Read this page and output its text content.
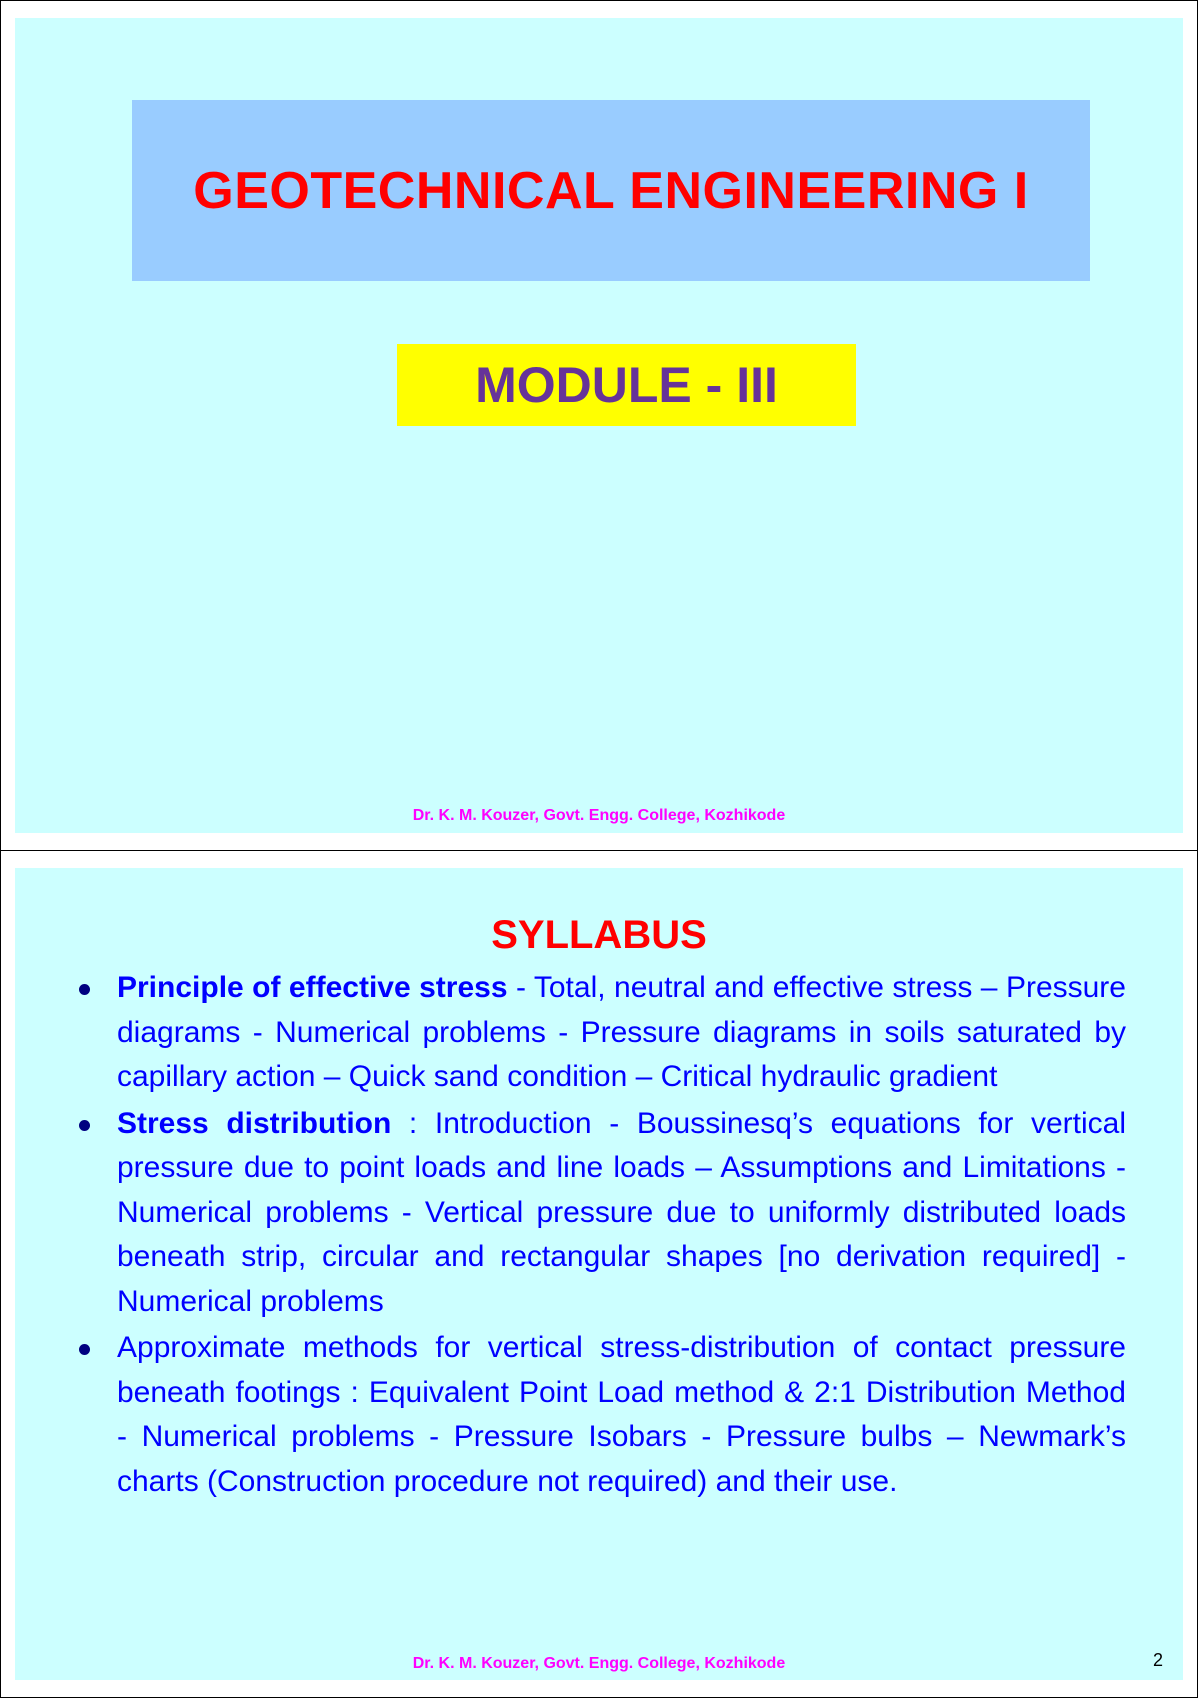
GEOTECHNICAL ENGINEERING I
MODULE - III
Dr. K. M. Kouzer, Govt. Engg. College, Kozhikode
SYLLABUS
Principle of effective stress - Total, neutral and effective stress – Pressure diagrams - Numerical problems - Pressure diagrams in soils saturated by capillary action – Quick sand condition – Critical hydraulic gradient
Stress distribution : Introduction - Boussinesq’s equations for vertical pressure due to point loads and line loads – Assumptions and Limitations - Numerical problems - Vertical pressure due to uniformly distributed loads beneath strip, circular and rectangular shapes [no derivation required] - Numerical problems
Approximate methods for vertical stress-distribution of contact pressure beneath footings : Equivalent Point Load method & 2:1 Distribution Method - Numerical problems - Pressure Isobars - Pressure bulbs – Newmark’s charts (Construction procedure not required) and their use.
Dr. K. M. Kouzer, Govt. Engg. College, Kozhikode	2
